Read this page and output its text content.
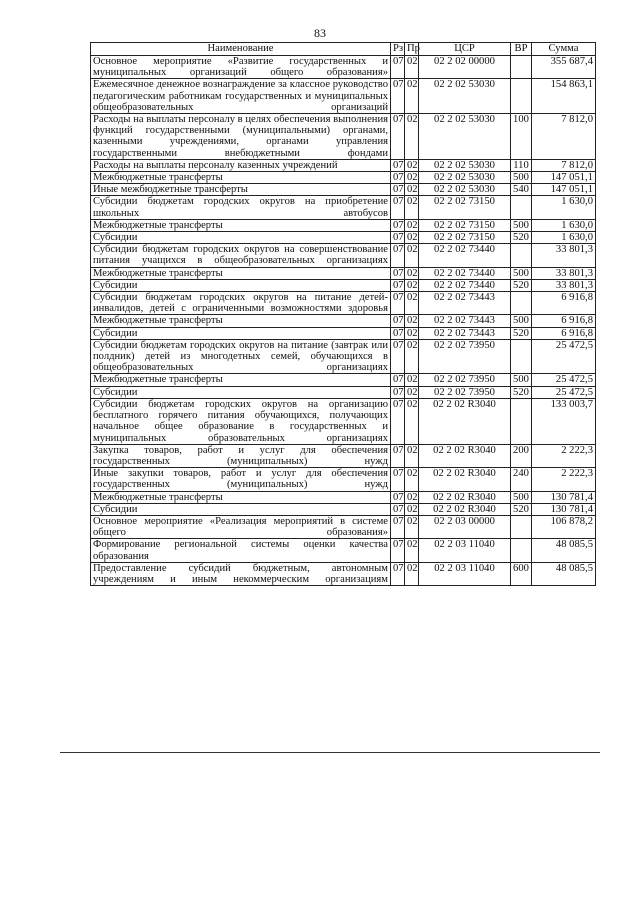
83
Наименование	Рз	Пр	ЦСР	ВР	Сумма
Основное мероприятие «Развитие государственных и муниципальных организаций общего образования»	07	02	02 2 02 00000		355 687,4
Ежемесячное денежное вознаграждение за классное руководство педагогическим работникам государственных и муниципальных общеобразовательных организаций	07	02	02 2 02 53030		154 863,1
Расходы на выплаты персоналу в целях обеспечения выполнения функций государственными (муниципальными) органами, казенными учреждениями, органами управления государственными внебюджетными фондами	07	02	02 2 02 53030	100	7 812,0
Расходы на выплаты персоналу казенных учреждений	07	02	02 2 02 53030	110	7 812,0
Межбюджетные трансферты	07	02	02 2 02 53030	500	147 051,1
Иные межбюджетные трансферты	07	02	02 2 02 53030	540	147 051,1
Субсидии бюджетам городских округов на приобретение школьных автобусов	07	02	02 2 02 73150		1 630,0
Межбюджетные трансферты	07	02	02 2 02 73150	500	1 630,0
Субсидии	07	02	02 2 02 73150	520	1 630,0
Субсидии бюджетам городских округов на совершенствование питания учащихся в общеобразовательных организациях	07	02	02 2 02 73440		33 801,3
Межбюджетные трансферты	07	02	02 2 02 73440	500	33 801,3
Субсидии	07	02	02 2 02 73440	520	33 801,3
Субсидии бюджетам городских округов на питание детей-инвалидов, детей с ограниченными возможностями здоровья	07	02	02 2 02 73443		6 916,8
Межбюджетные трансферты	07	02	02 2 02 73443	500	6 916,8
Субсидии	07	02	02 2 02 73443	520	6 916,8
Субсидии бюджетам городских округов на питание (завтрак или полдник) детей из многодетных семей, обучающихся в общеобразовательных организациях	07	02	02 2 02 73950		25 472,5
Межбюджетные трансферты	07	02	02 2 02 73950	500	25 472,5
Субсидии	07	02	02 2 02 73950	520	25 472,5
Субсидии бюджетам городских округов на организацию бесплатного горячего питания обучающихся, получающих начальное общее образование в государственных и муниципальных образовательных организациях	07	02	02 2 02 R3040		133 003,7
Закупка товаров, работ и услуг для обеспечения государственных (муниципальных) нужд	07	02	02 2 02 R3040	200	2 222,3
Иные закупки товаров, работ и услуг для обеспечения государственных (муниципальных) нужд	07	02	02 2 02 R3040	240	2 222,3
Межбюджетные трансферты	07	02	02 2 02 R3040	500	130 781,4
Субсидии	07	02	02 2 02 R3040	520	130 781,4
Основное мероприятие «Реализация мероприятий в системе общего образования»	07	02	02 2 03 00000		106 878,2
Формирование региональной системы оценки качества образования	07	02	02 2 03 11040		48 085,5
Предоставление субсидий бюджетным, автономным учреждениям и иным некоммерческим организациям	07	02	02 2 03 11040	600	48 085,5
